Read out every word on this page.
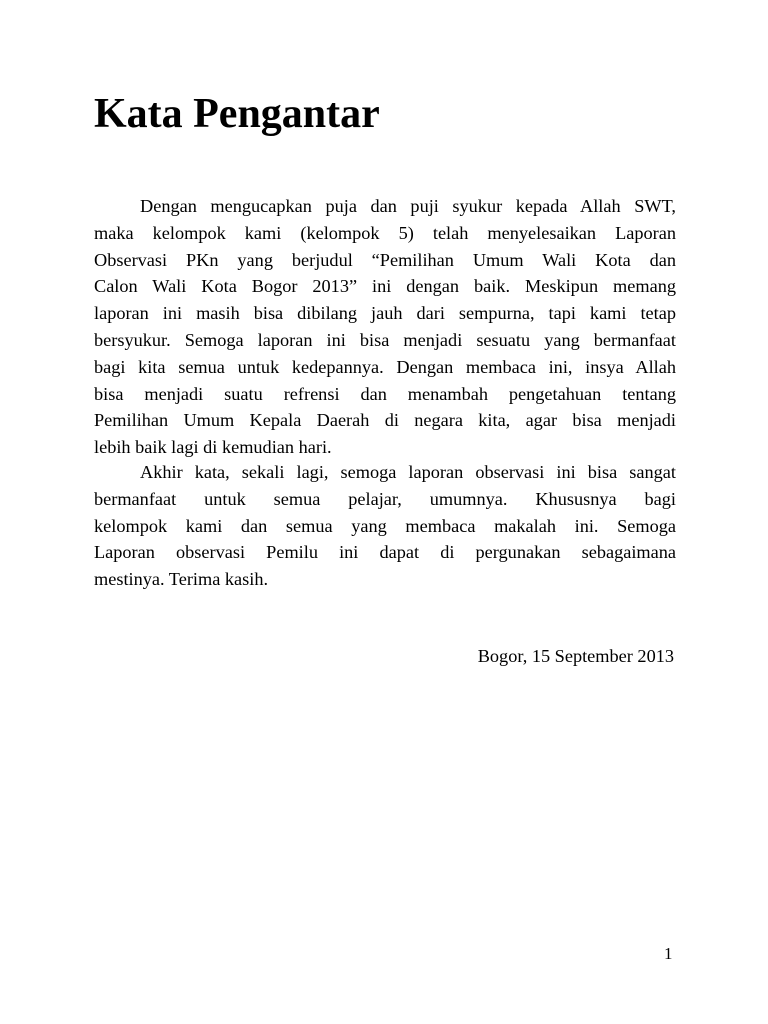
Kata Pengantar

Dengan mengucapkan puja dan puji syukur kepada Allah SWT,
maka kelompok kami (kelompok 5) telah menyelesaikan Laporan
Observasi PKn yang berjudul “Pemilihan Umum Wali Kota dan
Calon Wali Kota Bogor 2013” ini dengan baik. Meskipun memang
laporan ini masih bisa dibilang jauh dari sempurna, tapi kami tetap
bersyukur. Semoga laporan ini bisa menjadi sesuatu yang bermanfaat
bagi kita semua untuk kedepannya. Dengan membaca ini, insya Allah
bisa menjadi suatu refrensi dan menambah pengetahuan tentang
Pemilihan Umum Kepala Daerah di negara kita, agar bisa menjadi
lebih baik lagi di kemudian hari.

Akhir kata, sekali lagi, semoga laporan observasi ini bisa sangat
bermanfaat untuk semua pelajar, umumnya. Khususnya bagi
kelompok kami dan semua yang membaca makalah ini. Semoga
Laporan observasi Pemilu ini dapat di pergunakan sebagaimana
mestinya. Terima kasih.

Bogor, 15 September 2013

1
